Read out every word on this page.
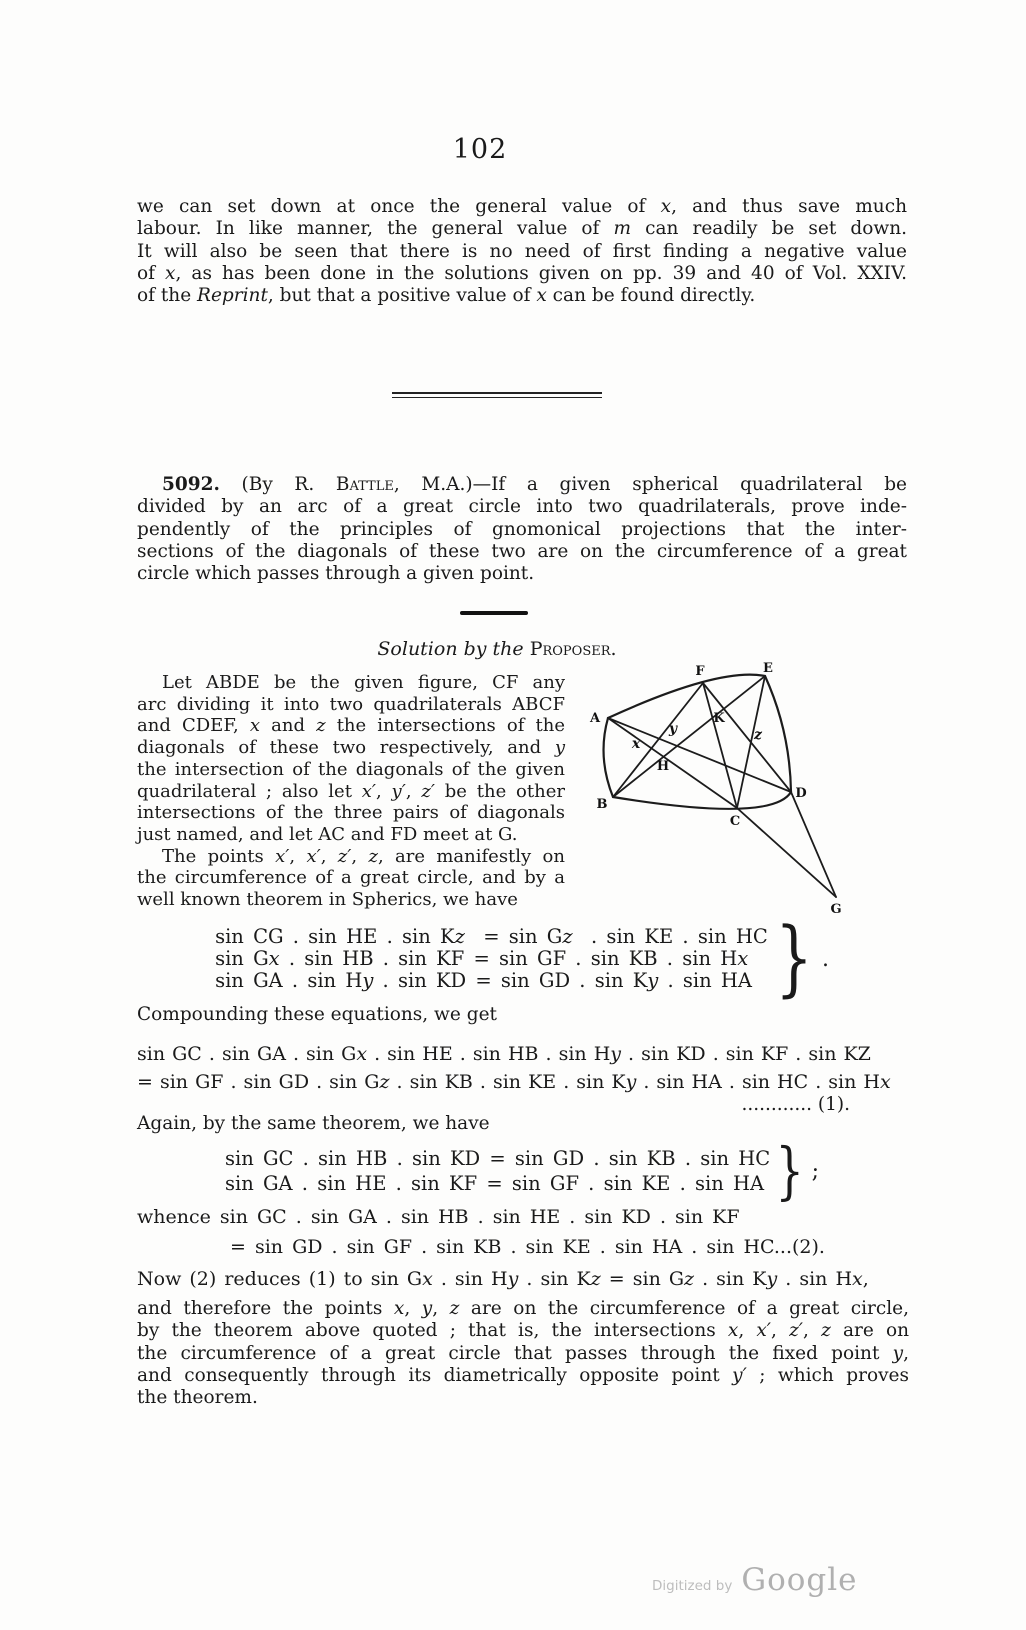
102
we can set down at once the general value of x, and thus save much
labour. In like manner, the general value of m can readily be set down.
It will also be seen that there is no need of first finding a negative value
of x, as has been done in the solutions given on pp. 39 and 40 of Vol. XXIV.
of the Reprint, but that a positive value of x can be found directly.
5092. (By R. Battle, M.A.)—If a given spherical quadrilateral be
divided by an arc of a great circle into two quadrilaterals, prove inde-
pendently of the principles of gnomonical projections that the inter-
sections of the diagonals of these two are on the circumference of a great
circle which passes through a given point.
Solution by the Proposer.
Let ABDE be the given figure, CF any
arc dividing it into two quadrilaterals ABCF
and CDEF, x and z the intersections of the
diagonals of these two respectively, and y
the intersection of the diagonals of the given
quadrilateral ; also let x′, y′, z′ be the other
intersections of the three pairs of diagonals
just named, and let AC and FD meet at G.
The points x′, x′, z′, z, are manifestly on
the circumference of a great circle, and by a
well known theorem in Spherics, we have
A
B
C
D
E
F
G
H
K
x
y	z
sin CG . sin HE . sin Kz  = sin Gz  . sin KE . sin HC
sin Gx . sin HB . sin KF = sin GF . sin KB . sin Hx
sin GA . sin Hy . sin KD = sin GD . sin Ky . sin HA } .
Compounding these equations, we get
sin GC . sin GA . sin Gx . sin HE . sin HB . sin Hy . sin KD . sin KF . sin KZ
= sin GF . sin GD . sin Gz . sin KB . sin KE . sin Ky . sin HA . sin HC . sin Hx
............ (1).
Again, by the same theorem, we have
sin GC . sin HB . sin KD = sin GD . sin KB . sin HC
sin GA . sin HE . sin KF = sin GF . sin KE . sin HA } ;
whence sin GC . sin GA . sin HB . sin HE . sin KD . sin KF
= sin GD . sin GF . sin KB . sin KE . sin HA . sin HC...(2).
Now (2) reduces (1) to sin Gx . sin Hy . sin Kz = sin Gz . sin Ky . sin Hx,
and therefore the points x, y, z are on the circumference of a great circle,
by the theorem above quoted ; that is, the intersections x, x′, z′, z are on
the circumference of a great circle that passes through the fixed point y,
and consequently through its diametrically opposite point y′ ; which proves
the theorem.
Digitized by Google
